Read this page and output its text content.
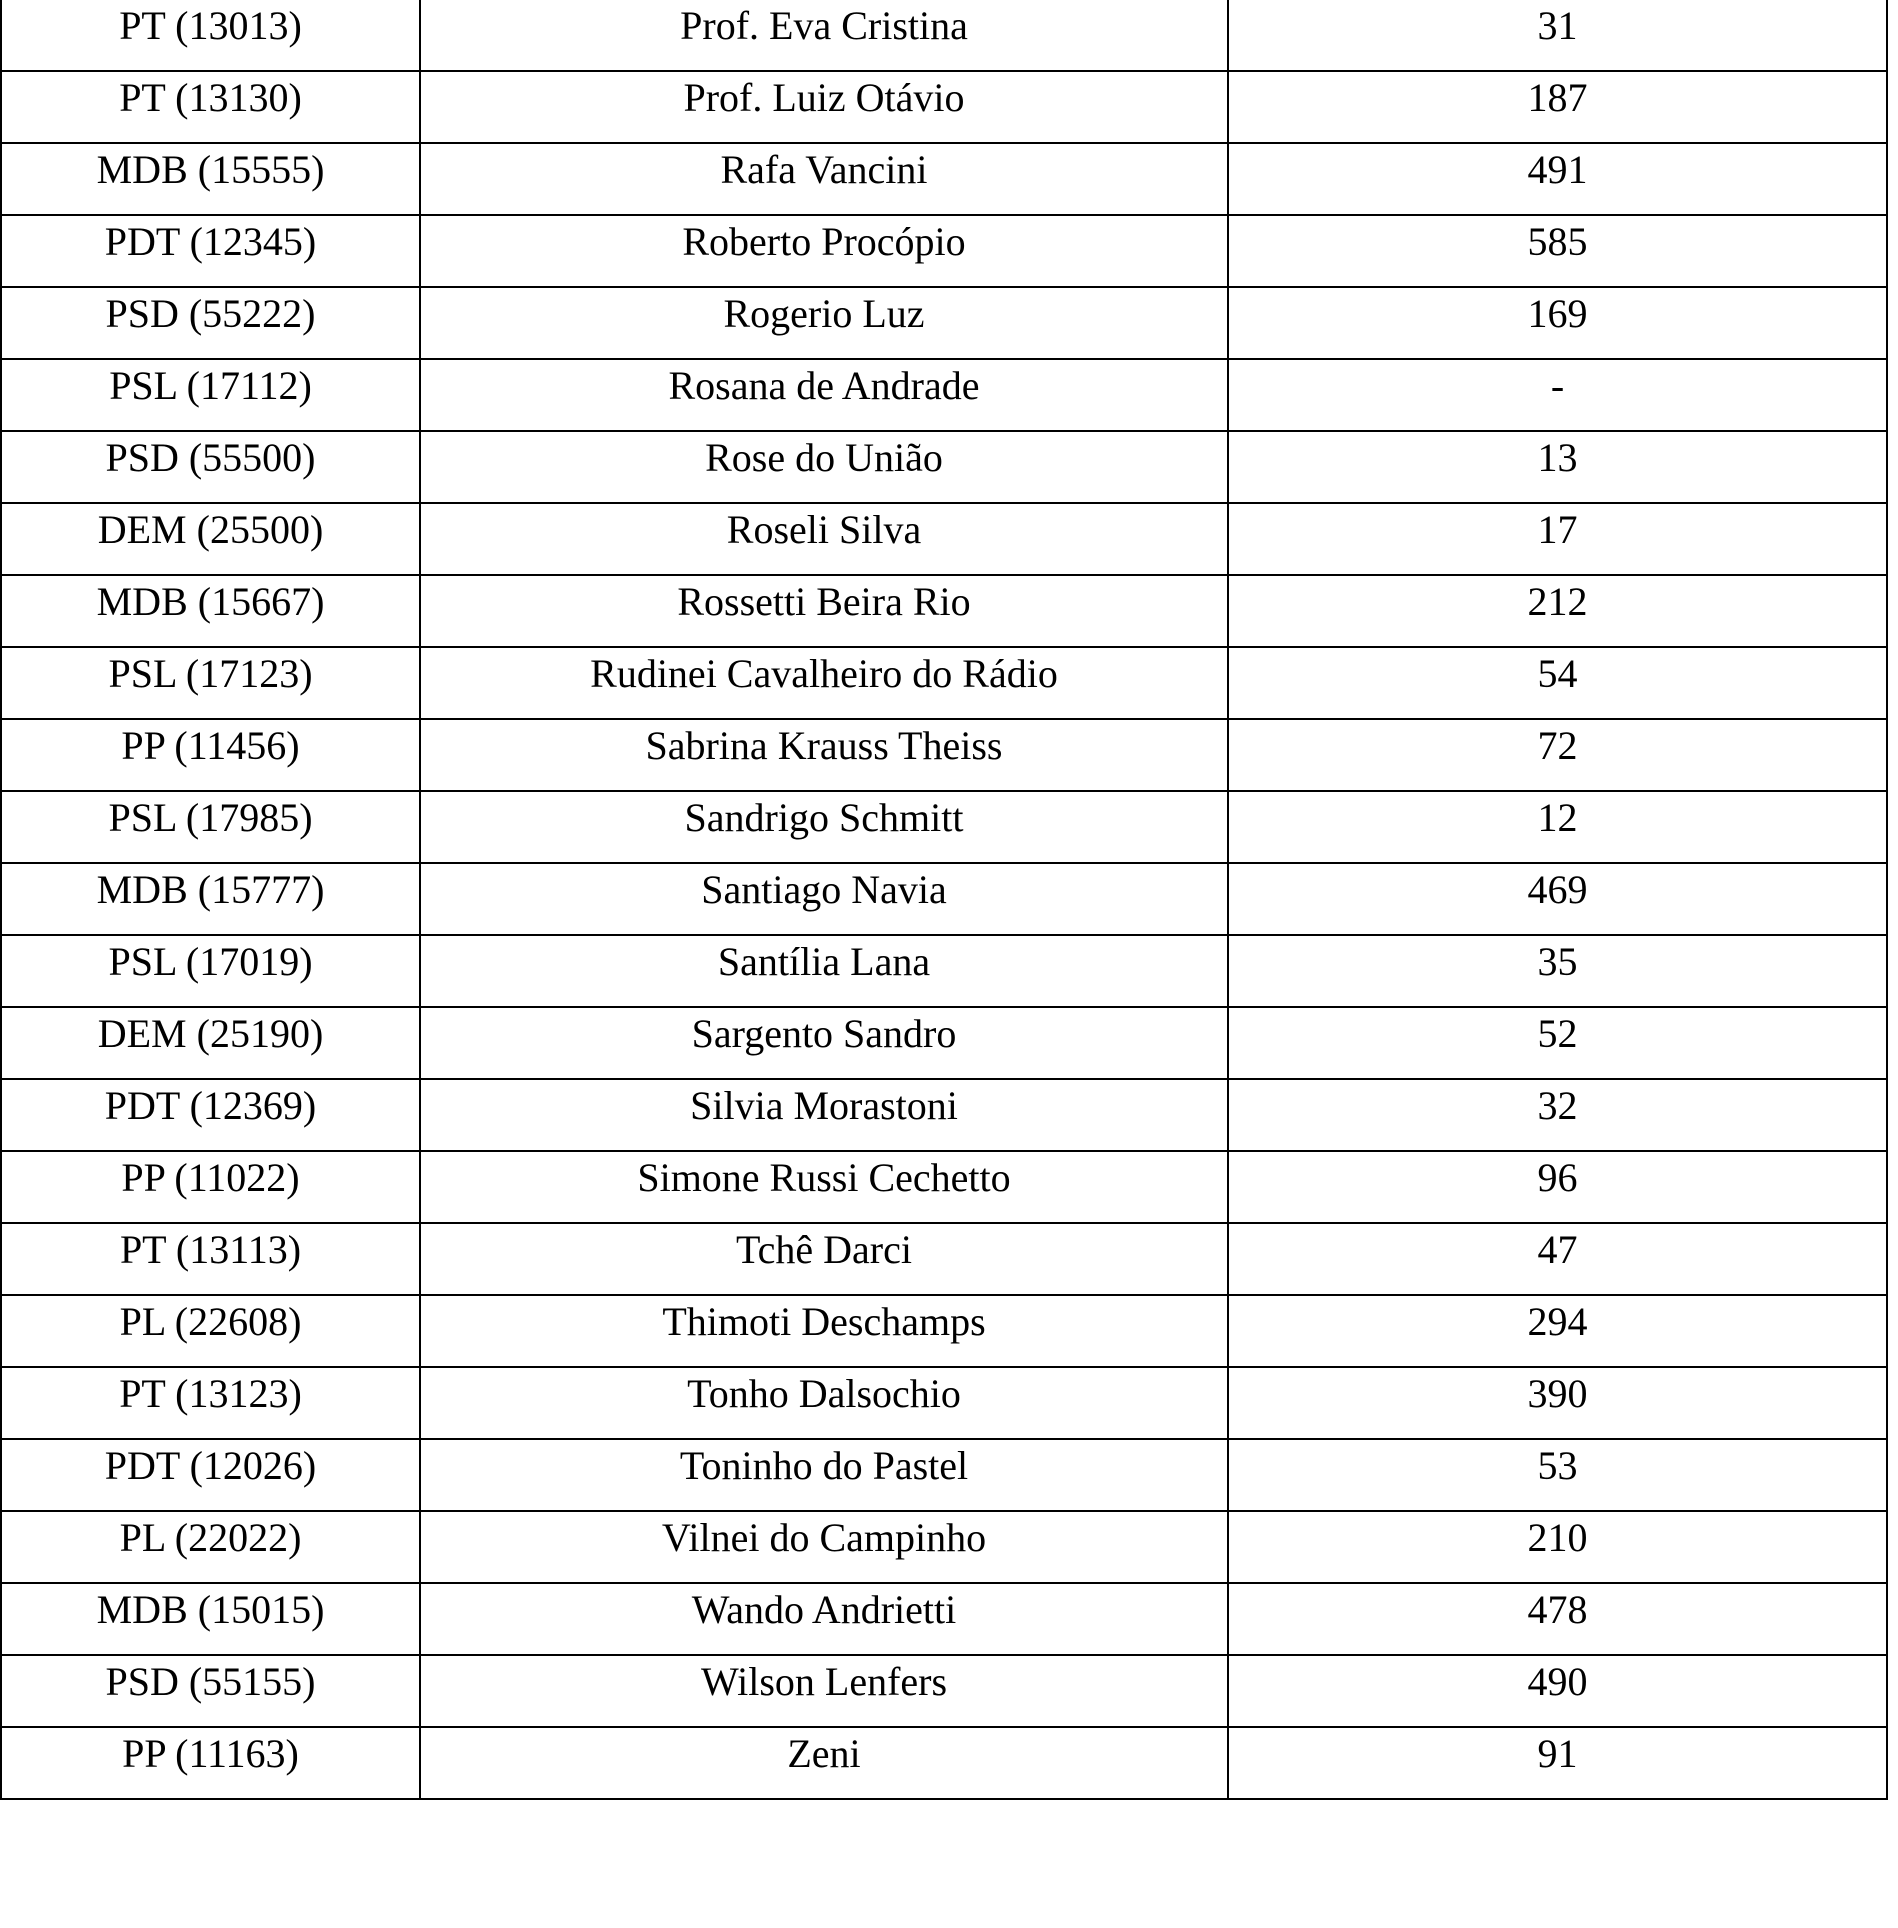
PT (13013)	Prof. Eva Cristina	31
PT (13130)	Prof. Luiz Otávio	187
MDB (15555)	Rafa Vancini	491
PDT (12345)	Roberto Procópio	585
PSD (55222)	Rogerio Luz	169
PSL (17112)	Rosana de Andrade	-
PSD (55500)	Rose do União	13
DEM (25500)	Roseli Silva	17
MDB (15667)	Rossetti Beira Rio	212
PSL (17123)	Rudinei Cavalheiro do Rádio	54
PP (11456)	Sabrina Krauss Theiss	72
PSL (17985)	Sandrigo Schmitt	12
MDB (15777)	Santiago Navia	469
PSL (17019)	Santília Lana	35
DEM (25190)	Sargento Sandro	52
PDT (12369)	Silvia Morastoni	32
PP (11022)	Simone Russi Cechetto	96
PT (13113)	Tchê Darci	47
PL (22608)	Thimoti Deschamps	294
PT (13123)	Tonho Dalsochio	390
PDT (12026)	Toninho do Pastel	53
PL (22022)	Vilnei do Campinho	210
MDB (15015)	Wando Andrietti	478
PSD (55155)	Wilson Lenfers	490
PP (11163)	Zeni	91
